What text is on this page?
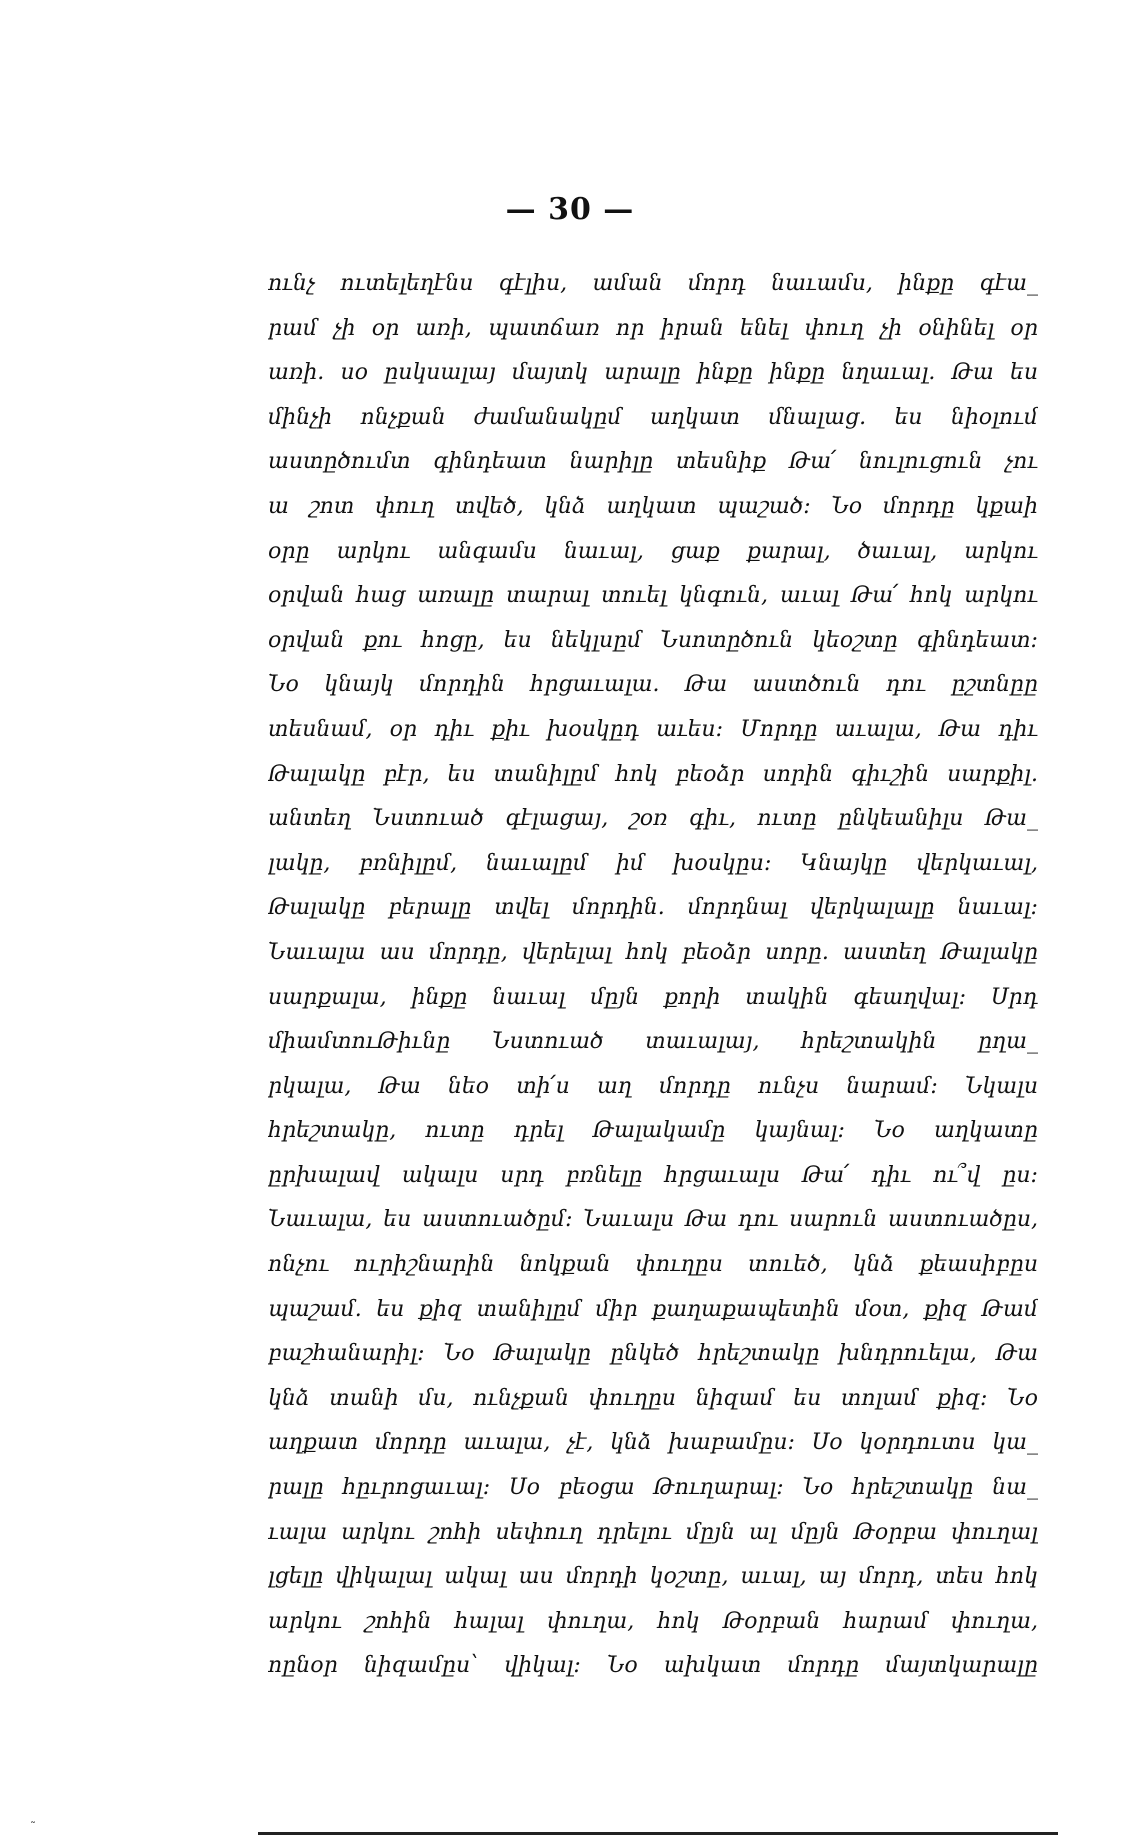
— 30 —
ունչ ուտելեղէնս գէլիս, աման մորդ նաւամս, ինքը գէա_
րամ չի օր առի, պատճառ որ իրան ենել փուղ չի օնինել օր
առի. սօ ըսկսալայ մայտկ արալը ինքը ինքը նղաւալ. Թա ես
մինչի ոնչքան ժամանակըմ աղկատ մնալաց. ես նիօլում
աստըծումտ գինդեատ նարիլը տեսնիք Թա՛ նուլուցուն չու
ա շոտ փուղ տվեծ, կնձ աղկատ պաշած։ Նօ մորդը կքաի
օրը արկու անգամս նաւալ, ցաք քարալ, ծաւալ, արկու
օրվան հաց առալը տարալ տուել կնգուն, աւալ Թա՛ հոկ արկու
օրվան քու հոցը, ես նեկլսըմ Նսոտըծուն կեօշտը գինդեատ։
Նօ կնայկ մորդին հրցաւալա. Թա աստծուն դու ըշտնըը
տեսնամ, օր դիւ քիւ խօսկըդ աւես։ Մորդը աւալա, Թա դիւ
Թալակը բէր, ես տանիլըմ հոկ բեօձր սորին գիւշին սարքիլ.
անտեղ Նստուած գէլացայ, շօռ գիւ, ուտը ընկեանիլս Թա_
լակը, բռնիլըմ, նաւալըմ իմ խօսկըս։ Կնայկը վերկաւալ,
Թալակը բերալը տվել մորդին. մորդնալ վերկալալը նաւալ։
Նաւալա աս մորդը, վերելալ հոկ բեօձր սորը. աստեղ Թալակը
սարքալա, ինքը նաւալ մըյն քորի տակին գեաղվալ։ Սրդ
միամտուԹիւնը Նստուած տաւալայ, հրեշտակին ըղա_
րկալա, Թա նեօ տի՛ս աղ մորդը ունչս նարամ։ Նկալս
հրեշտակը, ուտը դրել Թալակամը կայնալ։ Նօ աղկատը
ըրխալավ ակալս սրդ բռնելը հրցաւալս Թա՛ դիւ ու՞վ ըս։
Նաւալա, ես աստուածըմ։ Նաւալս Թա դու սարուն աստուածըս,
ոնչու ուրիշնարին նոկքան փուղըս տուեծ, կնձ քեասիբըս
պաշամ. ես քիզ տանիլըմ միր քաղաքապետին մօտ, քիզ Թամ
բաշհանարիլ։ Նօ Թալակը ընկեծ հրեշտակը խնդրուելա, Թա
կնձ տանի մս, ունչքան փուղըս նիզամ ես տոլամ քիզ։ Նօ
աղքատ մորդը աւալա, չէ, կնձ խաբամըս։ Սօ կօրդուտս կա_
րալը հըւրոցաւալ։ Սօ բեօցա Թուղարալ։ Նօ հրեշտակը նա_
ւալա արկու շոհի սեփուղ դրելու մըյն ալ մըյն Թօրբա փուղալ
լցելը վիկալալ ակալ աս մորդի կօշտը, աւալ, այ մորդ, տես հոկ
արկու շոհին հալալ փուղա, հոկ Թօրբան հարամ փուղա,
ոընօր նիզամըս՝ վիկալ։ Նօ ախկատ մորդը մայտկարալը
˜
